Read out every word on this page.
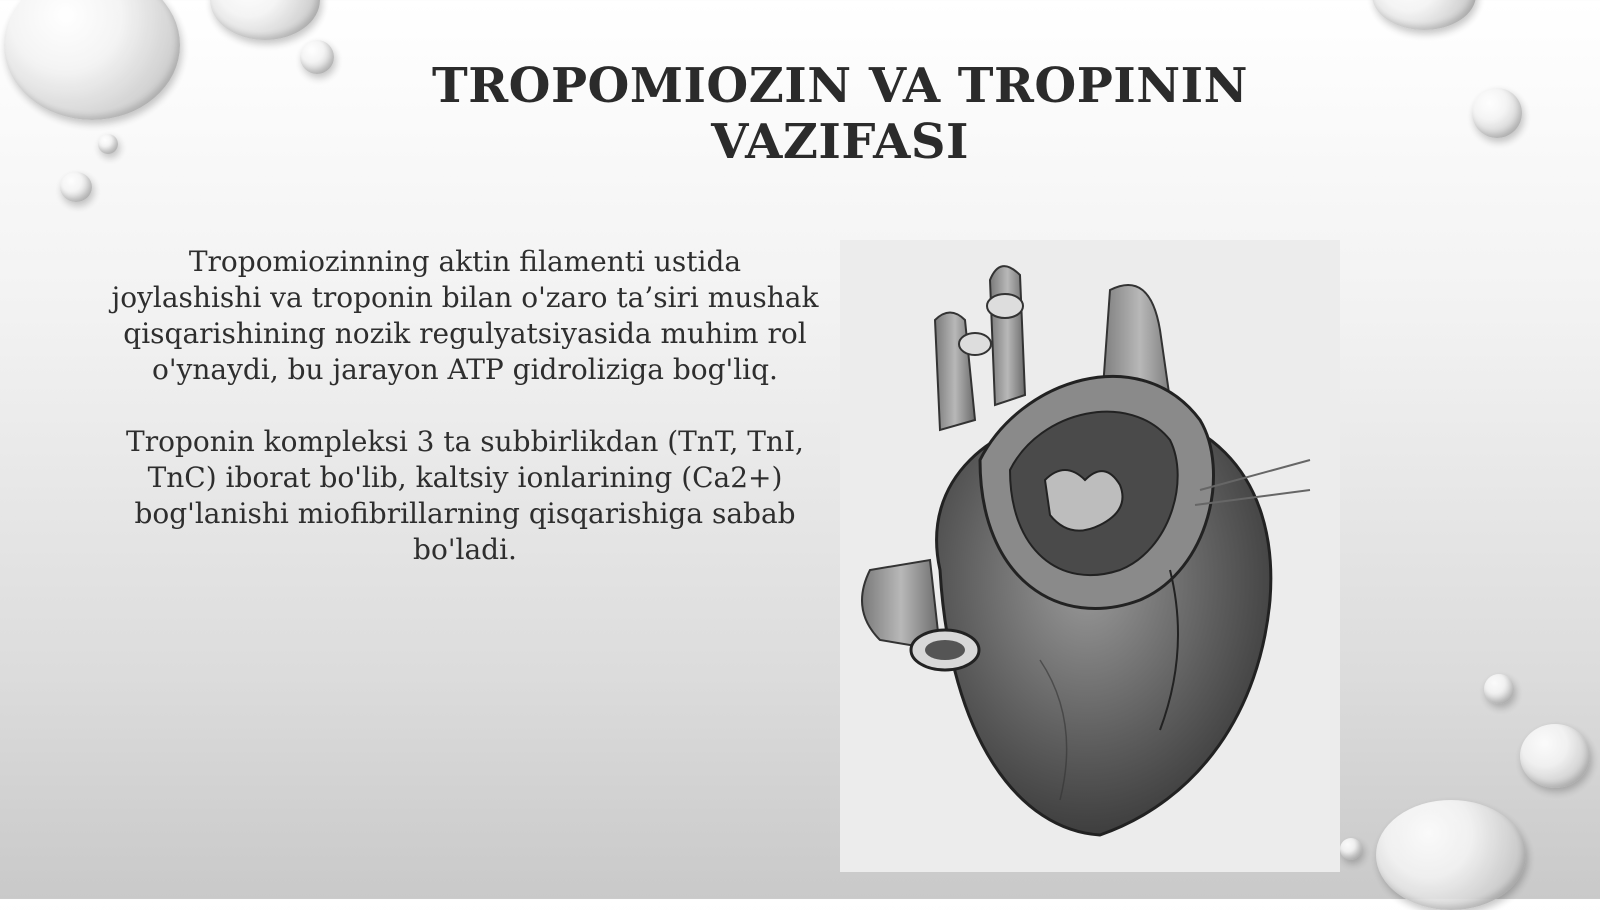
TROPOMIOZIN VA TROPININ VAZIFASI

Tropomiozinning aktin filamenti ustida joylashishi va troponin bilan o'zaro ta’siri mushak qisqarishining nozik regulyatsiyasida muhim rol o'ynaydi, bu jarayon ATP gidroliziga bog'liq.

Troponin kompleksi 3 ta subbirlikdan (TnT, TnI, TnC) iborat bo'lib, kaltsiy ionlarining (Ca2+) bog'lanishi miofibrillarning qisqarishiga sabab bo'ladi.
